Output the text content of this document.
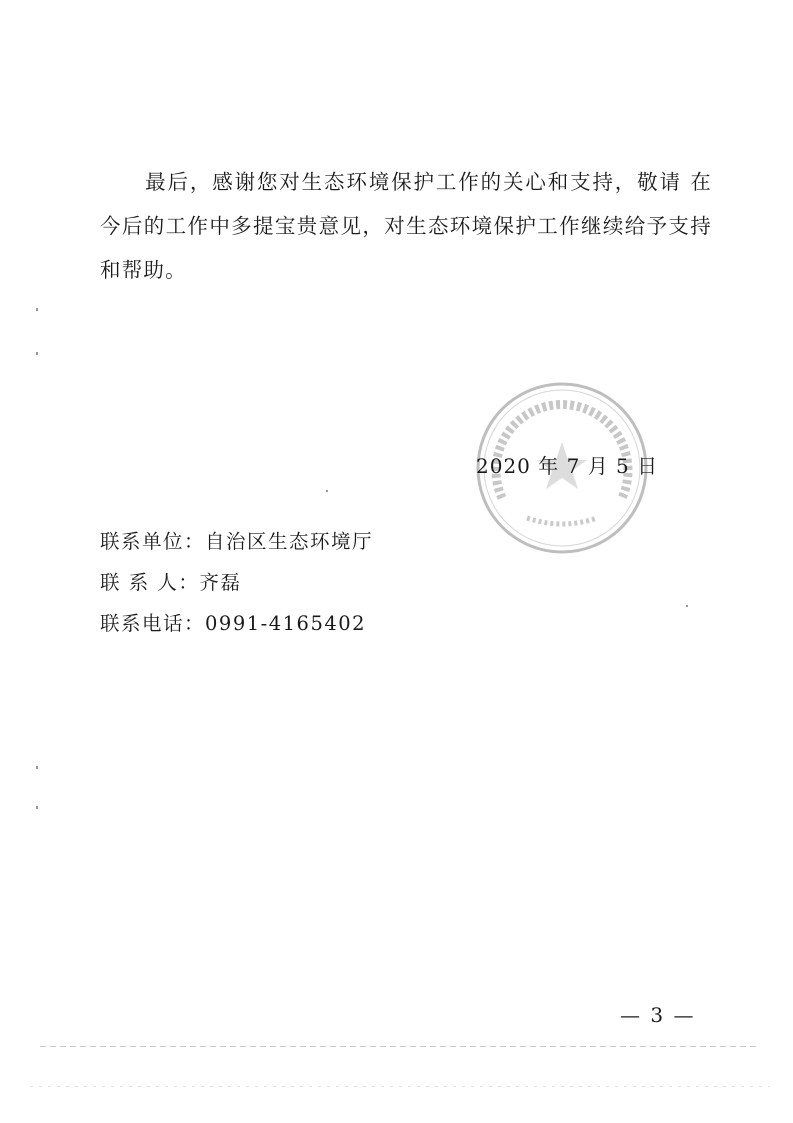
最后，感谢您对生态环境保护工作的关心和支持，敬请 在今后的工作中多提宝贵意见，对生态环境保护工作继续给予支持和帮助。

2020 年 7 月 5 日
联系单位：自治区生态环境厅
联 系 人：齐磊
联系电话：0991-4165402
— 3 —
